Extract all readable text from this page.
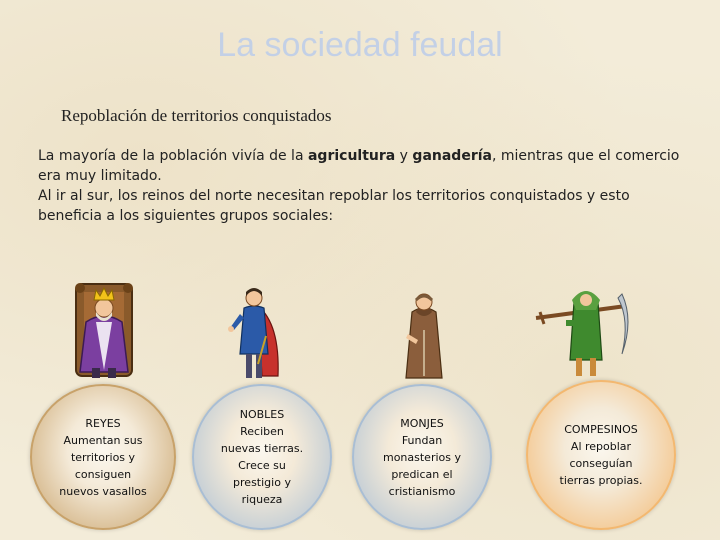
La sociedad feudal
Repoblación de territorios conquistados

La mayoría de la población vivía de la agricultura y ganadería, mientras que el comercio era muy limitado.

Al ir al sur, los reinos del norte necesitan repoblar los territorios conquistados y esto beneficia a los siguientes grupos sociales:

REYES
Aumentan sus
territorios y
consiguen
nuevos vasallos
NOBLES
Reciben
nuevas tierras.
Crece su
prestigio y
riqueza
MONJES
Fundan
monasterios y
predican el
cristianismo
COMPESINOS
Al repoblar
conseguían
tierras propias.
